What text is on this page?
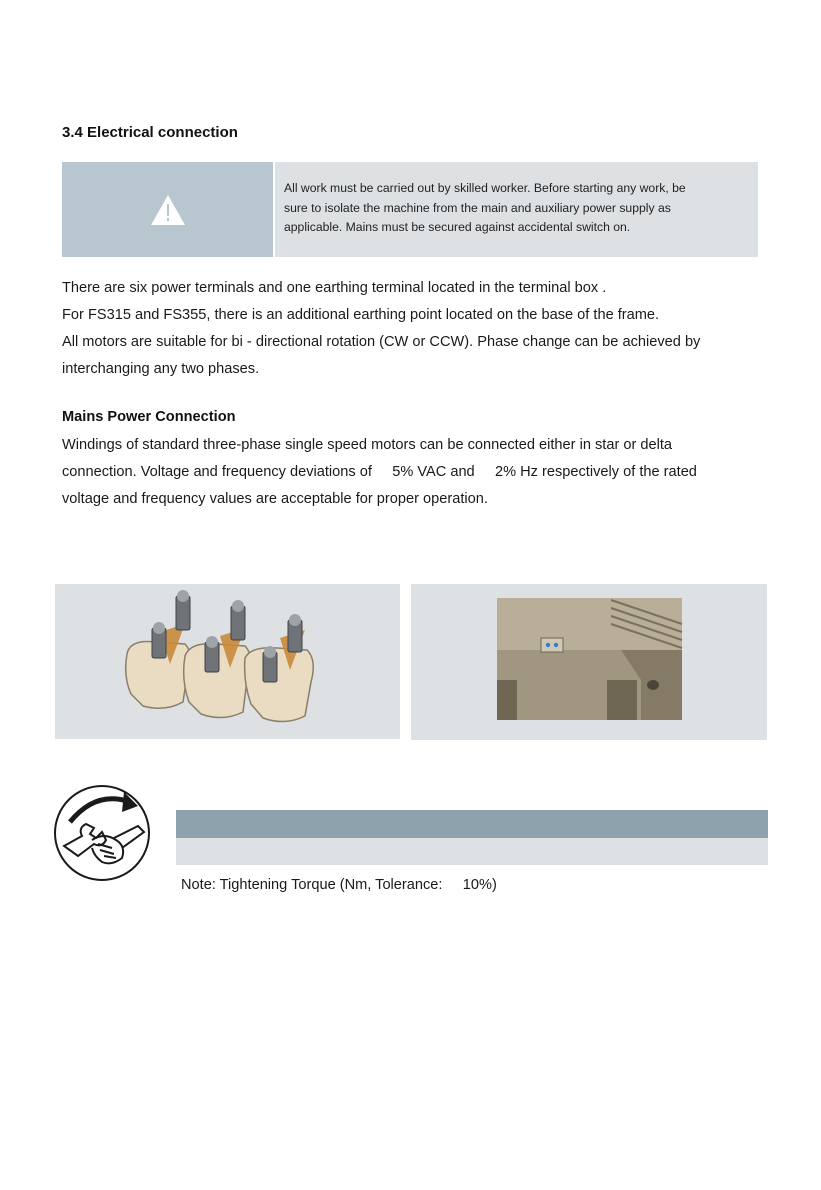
3.4 Electrical connection
All work must be carried out by skilled worker. Before starting any work, be
sure to isolate the machine from the main and auxiliary power supply as
applicable. Mains must be secured against accidental switch on.
There are six power terminals and one earthing terminal located in the terminal box .
For FS315 and FS355, there is an additional earthing point located on the base of the frame.
All motors are suitable for bi - directional rotation (CW or CCW). Phase change can be achieved by
interchanging any two phases.
Mains Power Connection
Windings of standard three-phase single speed motors can be connected either in star or delta
connection. Voltage and frequency deviations of     5% VAC and     2% Hz respectively of the rated
voltage and frequency values are acceptable for proper operation.
Note: Tightening Torque (Nm, Tolerance:     10%)
